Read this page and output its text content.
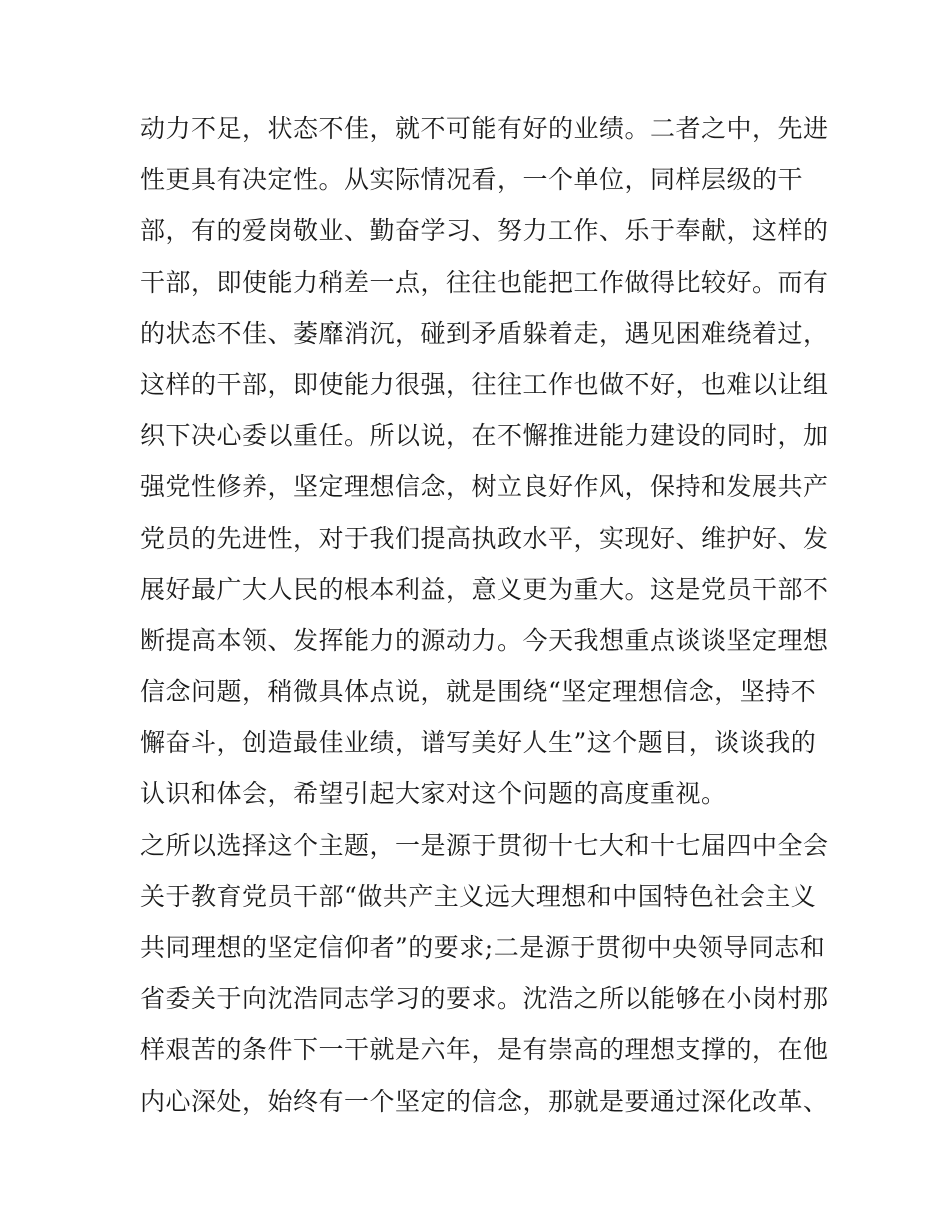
动力不足，状态不佳，就不可能有好的业绩。二者之中，先进
性更具有决定性。从实际情况看，一个单位，同样层级的干
部，有的爱岗敬业、勤奋学习、努力工作、乐于奉献，这样的
干部，即使能力稍差一点，往往也能把工作做得比较好。而有
的状态不佳、萎靡消沉，碰到矛盾躲着走，遇见困难绕着过，
这样的干部，即使能力很强，往往工作也做不好，也难以让组
织下决心委以重任。所以说，在不懈推进能力建设的同时，加
强党性修养，坚定理想信念，树立良好作风，保持和发展共产
党员的先进性，对于我们提高执政水平，实现好、维护好、发
展好最广大人民的根本利益，意义更为重大。这是党员干部不
断提高本领、发挥能力的源动力。今天我想重点谈谈坚定理想
信念问题，稍微具体点说，就是围绕“坚定理想信念，坚持不
懈奋斗，创造最佳业绩，谱写美好人生”这个题目，谈谈我的
认识和体会，希望引起大家对这个问题的高度重视。
之所以选择这个主题，一是源于贯彻十七大和十七届四中全会
关于教育党员干部“做共产主义远大理想和中国特色社会主义
共同理想的坚定信仰者”的要求;二是源于贯彻中央领导同志和
省委关于向沈浩同志学习的要求。沈浩之所以能够在小岗村那
样艰苦的条件下一干就是六年，是有崇高的理想支撑的，在他
内心深处，始终有一个坚定的信念，那就是要通过深化改革、
